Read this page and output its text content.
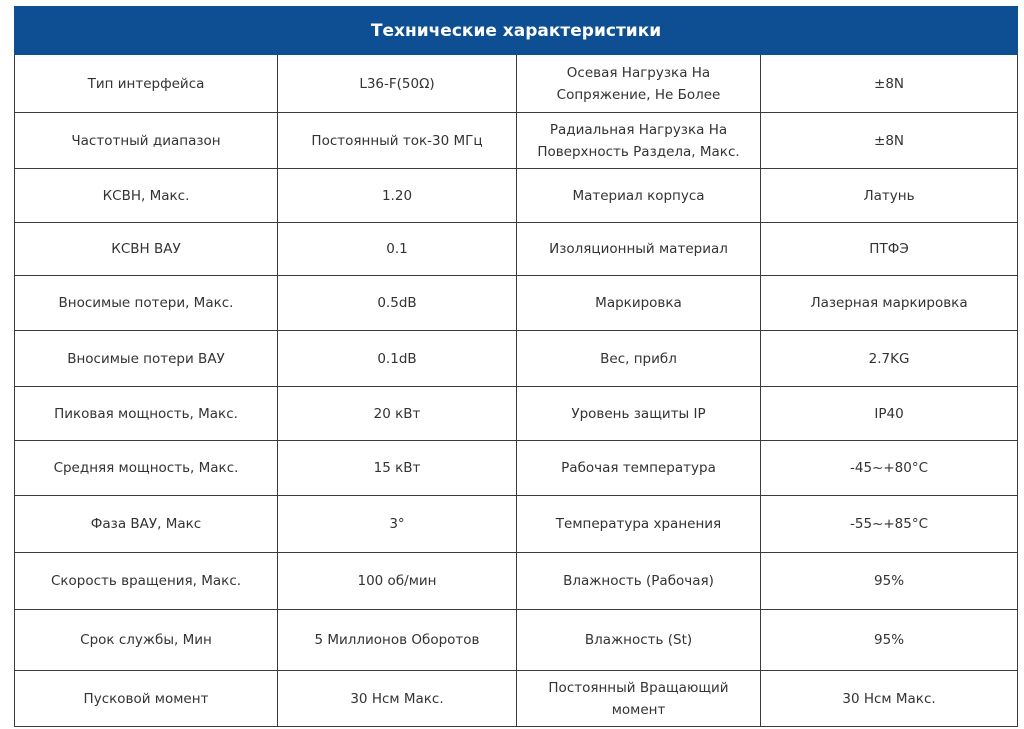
Технические характеристики			
Тип интерфейса	L36-F(50Ω)	Осевая Нагрузка На Сопряжение, Не Более	±8N
Частотный диапазон	Постоянный ток-30 МГц	Радиальная Нагрузка На Поверхность Раздела, Макс.	±8N
КСВН, Макс.	1.20	Материал корпуса	Латунь
КСВН ВАУ	0.1	Изоляционный материал	ПТФЭ
Вносимые потери, Макс.	0.5dB	Маркировка	Лазерная маркировка
Вносимые потери ВАУ	0.1dB	Вес, прибл	2.7KG
Пиковая мощность, Макс.	20 кВт	Уровень защиты IP	IP40
Средняя мощность, Макс.	15 кВт	Рабочая температура	-45~+80°C
Фаза ВАУ, Макс	3°	Температура хранения	-55~+85°C
Скорость вращения, Макс.	100 об/мин	Влажность (Рабочая)	95%
Срок службы, Мин	5 Миллионов Оборотов	Влажность (St)	95%
Пусковой момент	30 Нсм Макс.	Постоянный Вращающий момент	30 Нсм Макс.
